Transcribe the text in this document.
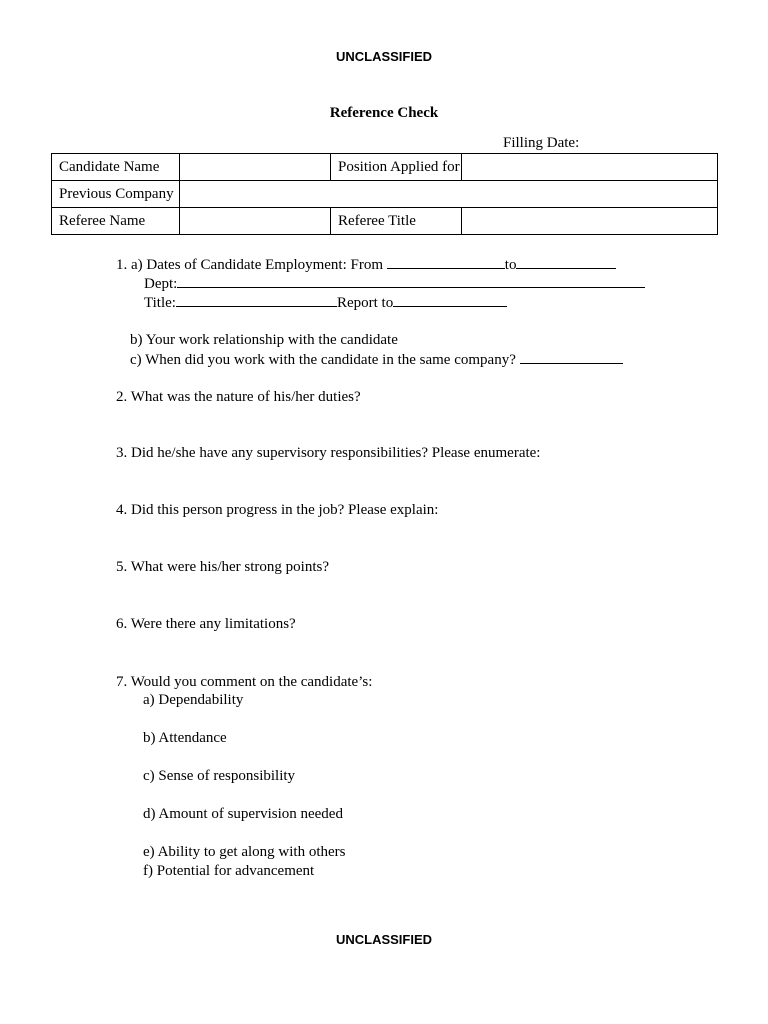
UNCLASSIFIED
Reference Check
Filling Date:
Candidate Name		Position Applied for	
Previous Company			
Referee Name		Referee Title	
1. a) Dates of Candidate Employment: From	to
Dept:
Title:	Report to
b) Your work relationship with the candidate
c) When did you work with the candidate in the same company?
2. What was the nature of his/her duties?
3. Did he/she have any supervisory responsibilities? Please enumerate:
4. Did this person progress in the job? Please explain:
5. What were his/her strong points?
6. Were there any limitations?
7. Would you comment on the candidate’s:
a) Dependability
b) Attendance
c) Sense of responsibility
d) Amount of supervision needed
e) Ability to get along with others
f) Potential for advancement
UNCLASSIFIED
